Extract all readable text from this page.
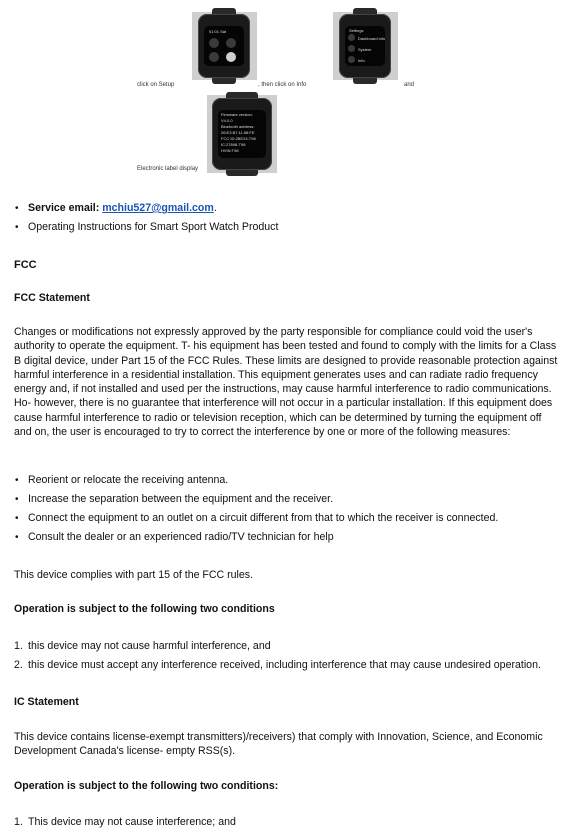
01:01 Sat
click on Setup	, then click on Info
Settings
Dashboard info
System
Info
and
Firmware version:
V4.0.0
Bluetooth address:
26:E3:B7:11:58:FE
FCC ID:2BE23-T98
IC:27898-T98
HVIN:T98
Electronic label display
• Service email: mchiu527@gmail.com.
• Operating Instructions for Smart Sport Watch Product
FCC
FCC Statement

Changes or modifications not expressly approved by the party responsible for compliance could void the user's authority to operate the equipment. T- his equipment has been tested and found to comply with the limits for a Class B digital device, under Part 15 of the FCC Rules. These limits are designed to provide reasonable protection against harmful interference in a residential installation. This equipment generates uses and can radiate radio frequency energy and, if not installed and used per the instructions, may cause harmful interference to radio communications. Ho- however, there is no guarantee that interference will not occur in a particular installation. If this equipment does cause harmful interference to radio or television reception, which can be determined by turning the equipment off and on, the user is encouraged to try to correct the interference by one or more of the following measures:

• Reorient or relocate the receiving antenna.
• Increase the separation between the equipment and the receiver.
• Connect the equipment to an outlet on a circuit different from that to which the receiver is connected.
• Consult the dealer or an experienced radio/TV technician for help
This device complies with part 15 of the FCC rules.
Operation is subject to the following two conditions
1. this device may not cause harmful interference, and
2. this device must accept any interference received, including interference that may cause undesired operation.
IC Statement

This device contains license-exempt transmitters)/receivers) that comply with Innovation, Science, and Economic Development Canada's license- empty RSS(s).

Operation is subject to the following two conditions:
1. This device may not cause interference; and
